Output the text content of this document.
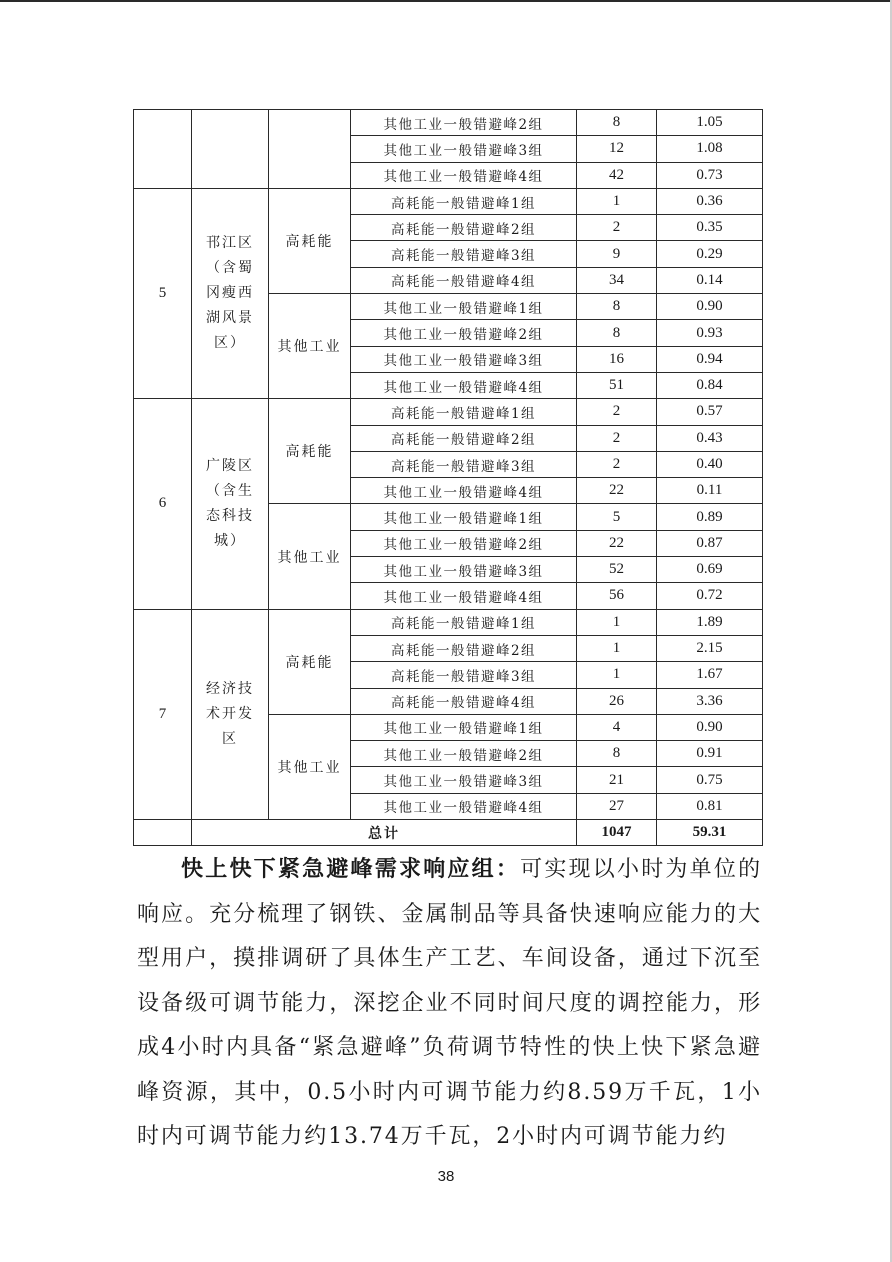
			其他工业一般错避峰2组	8	1.05
			其他工业一般错避峰3组	12	1.08
			其他工业一般错避峰4组	42	0.73
5	邗江区（含蜀冈瘦西湖风景区）	高耗能	高耗能一般错避峰1组	1	0.36
			高耗能一般错避峰2组	2	0.35
			高耗能一般错避峰3组	9	0.29
			高耗能一般错避峰4组	34	0.14
		其他工业	其他工业一般错避峰1组	8	0.90
			其他工业一般错避峰2组	8	0.93
			其他工业一般错避峰3组	16	0.94
			其他工业一般错避峰4组	51	0.84
6	广陵区（含生态科技城）	高耗能	高耗能一般错避峰1组	2	0.57
			高耗能一般错避峰2组	2	0.43
			高耗能一般错避峰3组	2	0.40
			其他工业一般错避峰4组	22	0.11
		其他工业	其他工业一般错避峰1组	5	0.89
			其他工业一般错避峰2组	22	0.87
			其他工业一般错避峰3组	52	0.69
			其他工业一般错避峰4组	56	0.72
7	经济技术开发区	高耗能	高耗能一般错避峰1组	1	1.89
			高耗能一般错避峰2组	1	2.15
			高耗能一般错避峰3组	1	1.67
			高耗能一般错避峰4组	26	3.36
		其他工业	其他工业一般错避峰1组	4	0.90
			其他工业一般错避峰2组	8	0.91
			其他工业一般错避峰3组	21	0.75
			其他工业一般错避峰4组	27	0.81
	总计			1047	59.31

快上快下紧急避峰需求响应组：可实现以小时为单位的响应。充分梳理了钢铁、金属制品等具备快速响应能力的大型用户，摸排调研了具体生产工艺、车间设备，通过下沉至设备级可调节能力，深挖企业不同时间尺度的调控能力，形成4小时内具备“紧急避峰”负荷调节特性的快上快下紧急避峰资源，其中，0.5小时内可调节能力约8.59万千瓦，1小时内可调节能力约13.74万千瓦，2小时内可调节能力约

38
